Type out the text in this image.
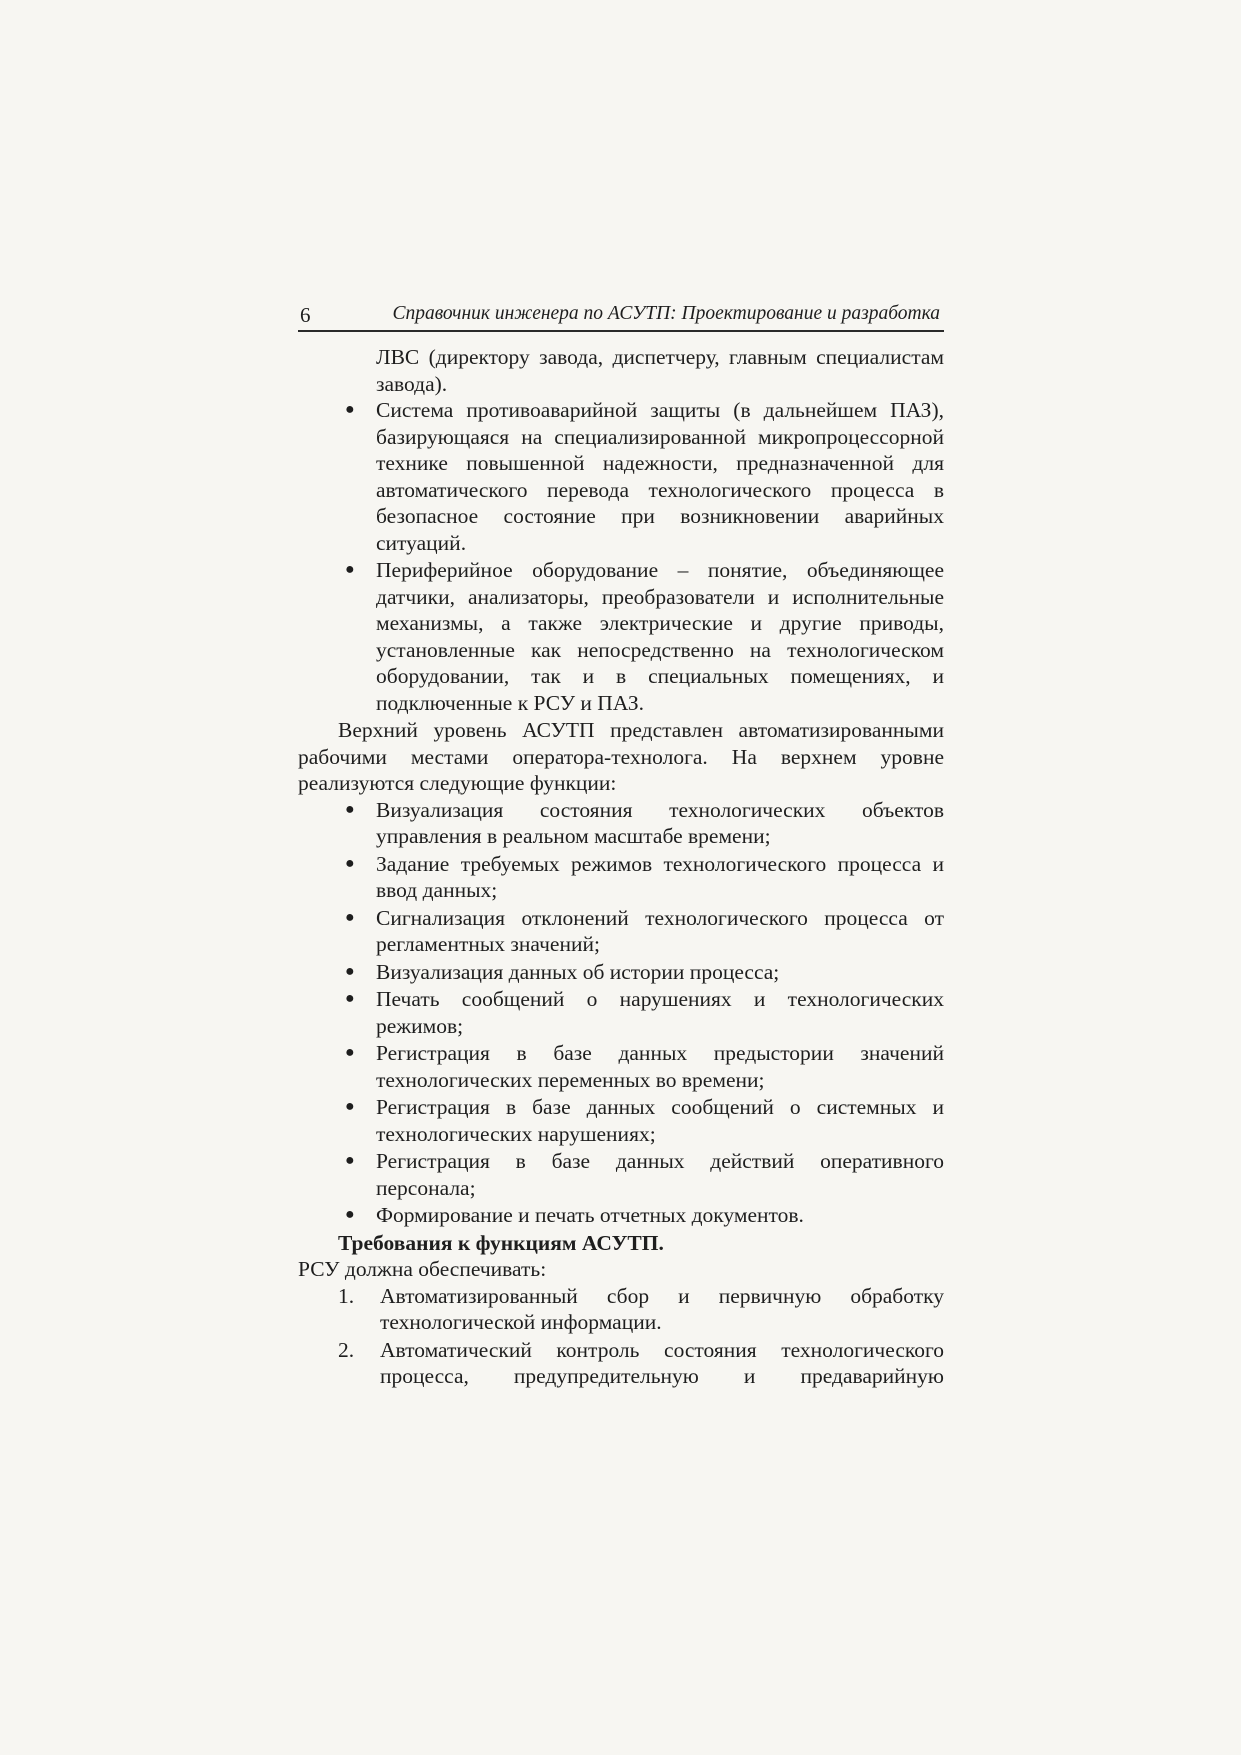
6	Справочник инженера по АСУТП: Проектирование и разработка

ЛВС (директору завода, диспетчеру, главным специалистам завода).

● Система противоаварийной защиты (в дальнейшем ПАЗ), базирующаяся на специализированной микропроцессорной технике повышенной надежности, предназначенной для автоматического перевода технологического процесса в безопасное состояние при возникновении аварийных ситуаций.
● Периферийное оборудование – понятие, объединяющее датчики, анализаторы, преобразователи и исполнительные механизмы, а также электрические и другие приводы, установленные как непосредственно на технологическом оборудовании, так и в специальных помещениях, и подключенные к РСУ и ПАЗ.

Верхний уровень АСУТП представлен автоматизированными рабочими местами оператора-технолога. На верхнем уровне реализуются следующие функции:

● Визуализация состояния технологических объектов управления в реальном масштабе времени;
● Задание требуемых режимов технологического процесса и ввод данных;
● Сигнализация отклонений технологического процесса от регламентных значений;
● Визуализация данных об истории процесса;
● Печать сообщений о нарушениях и технологических режимов;
● Регистрация в базе данных предыстории значений технологических переменных во времени;
● Регистрация в базе данных сообщений о системных и технологических нарушениях;
● Регистрация в базе данных действий оперативного персонала;
● Формирование и печать отчетных документов.

Требования к функциям АСУТП.

РСУ должна обеспечивать:

1. Автоматизированный сбор и первичную обработку технологической информации.
2. Автоматический контроль состояния технологического процесса, предупредительную и предаварийную
